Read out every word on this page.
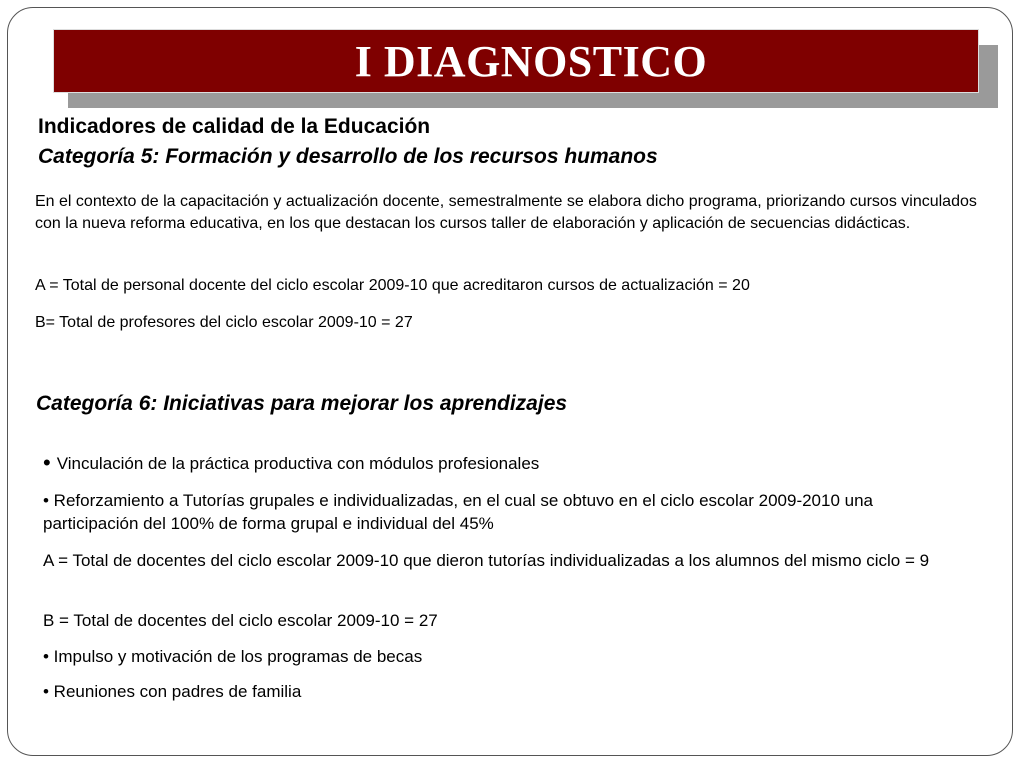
I DIAGNOSTICO
Indicadores de calidad de la Educación
Categoría 5: Formación y desarrollo de los recursos humanos
En el contexto de la capacitación y actualización docente, semestralmente se elabora dicho programa, priorizando cursos vinculados con la nueva reforma educativa, en los que destacan los cursos taller de elaboración y aplicación de secuencias didácticas.
A = Total de personal docente del ciclo escolar 2009-10 que acreditaron cursos de actualización = 20
B= Total de profesores del ciclo escolar 2009-10 = 27
Categoría 6: Iniciativas para mejorar los aprendizajes
• Vinculación de la práctica productiva con módulos profesionales
• Reforzamiento a Tutorías grupales e individualizadas, en el cual se obtuvo en el ciclo escolar 2009-2010 una participación del 100% de forma grupal e individual del 45%
A = Total de docentes del ciclo escolar 2009-10 que dieron tutorías individualizadas a los alumnos del mismo ciclo = 9
B = Total de docentes del ciclo escolar 2009-10 = 27
• Impulso y motivación de los programas de becas
• Reuniones con padres de familia
